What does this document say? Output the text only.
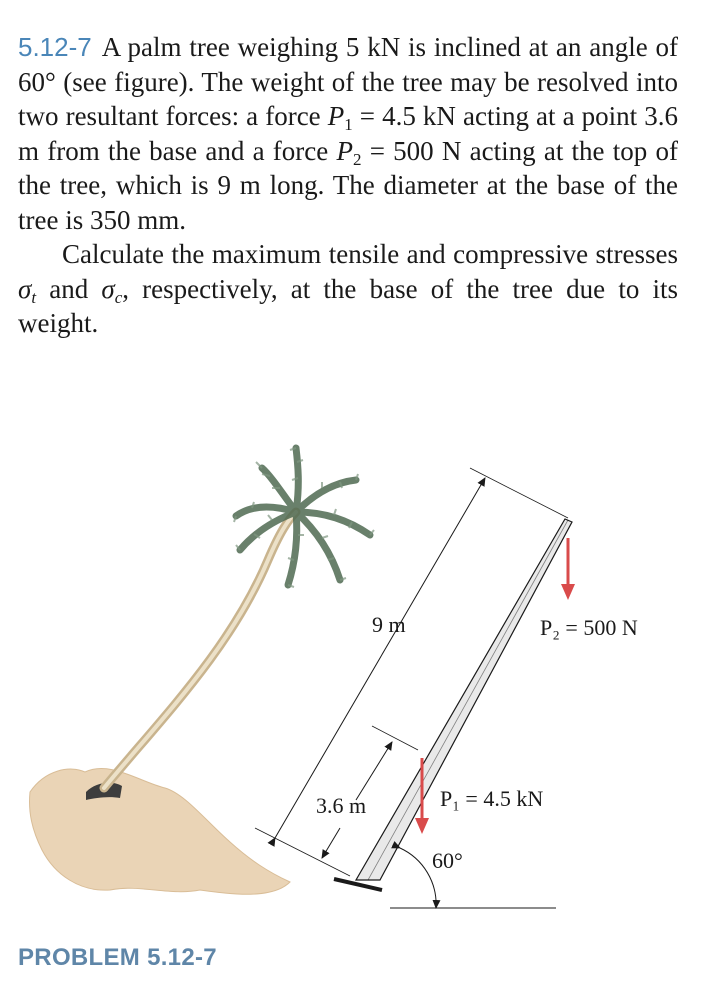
5.12-7 A palm tree weighing 5 kN is inclined at an angle of 60° (see figure). The weight of the tree may be resolved into two resultant forces: a force $P_1 = 4.5$ kN acting at a point 3.6 m from the base and a force $P_2 = 500$ N acting at the top of the tree, which is 9 m long. The diameter at the base of the tree is 350 mm.

Calculate the maximum tensile and compressive stresses $\sigma_t$ and $\sigma_c$, respectively, at the base of the tree due to its weight.

9 m	P₂ = 500 N
3.6 m	P₁ = 4.5 kN
60°
PROBLEM 5.12-7
